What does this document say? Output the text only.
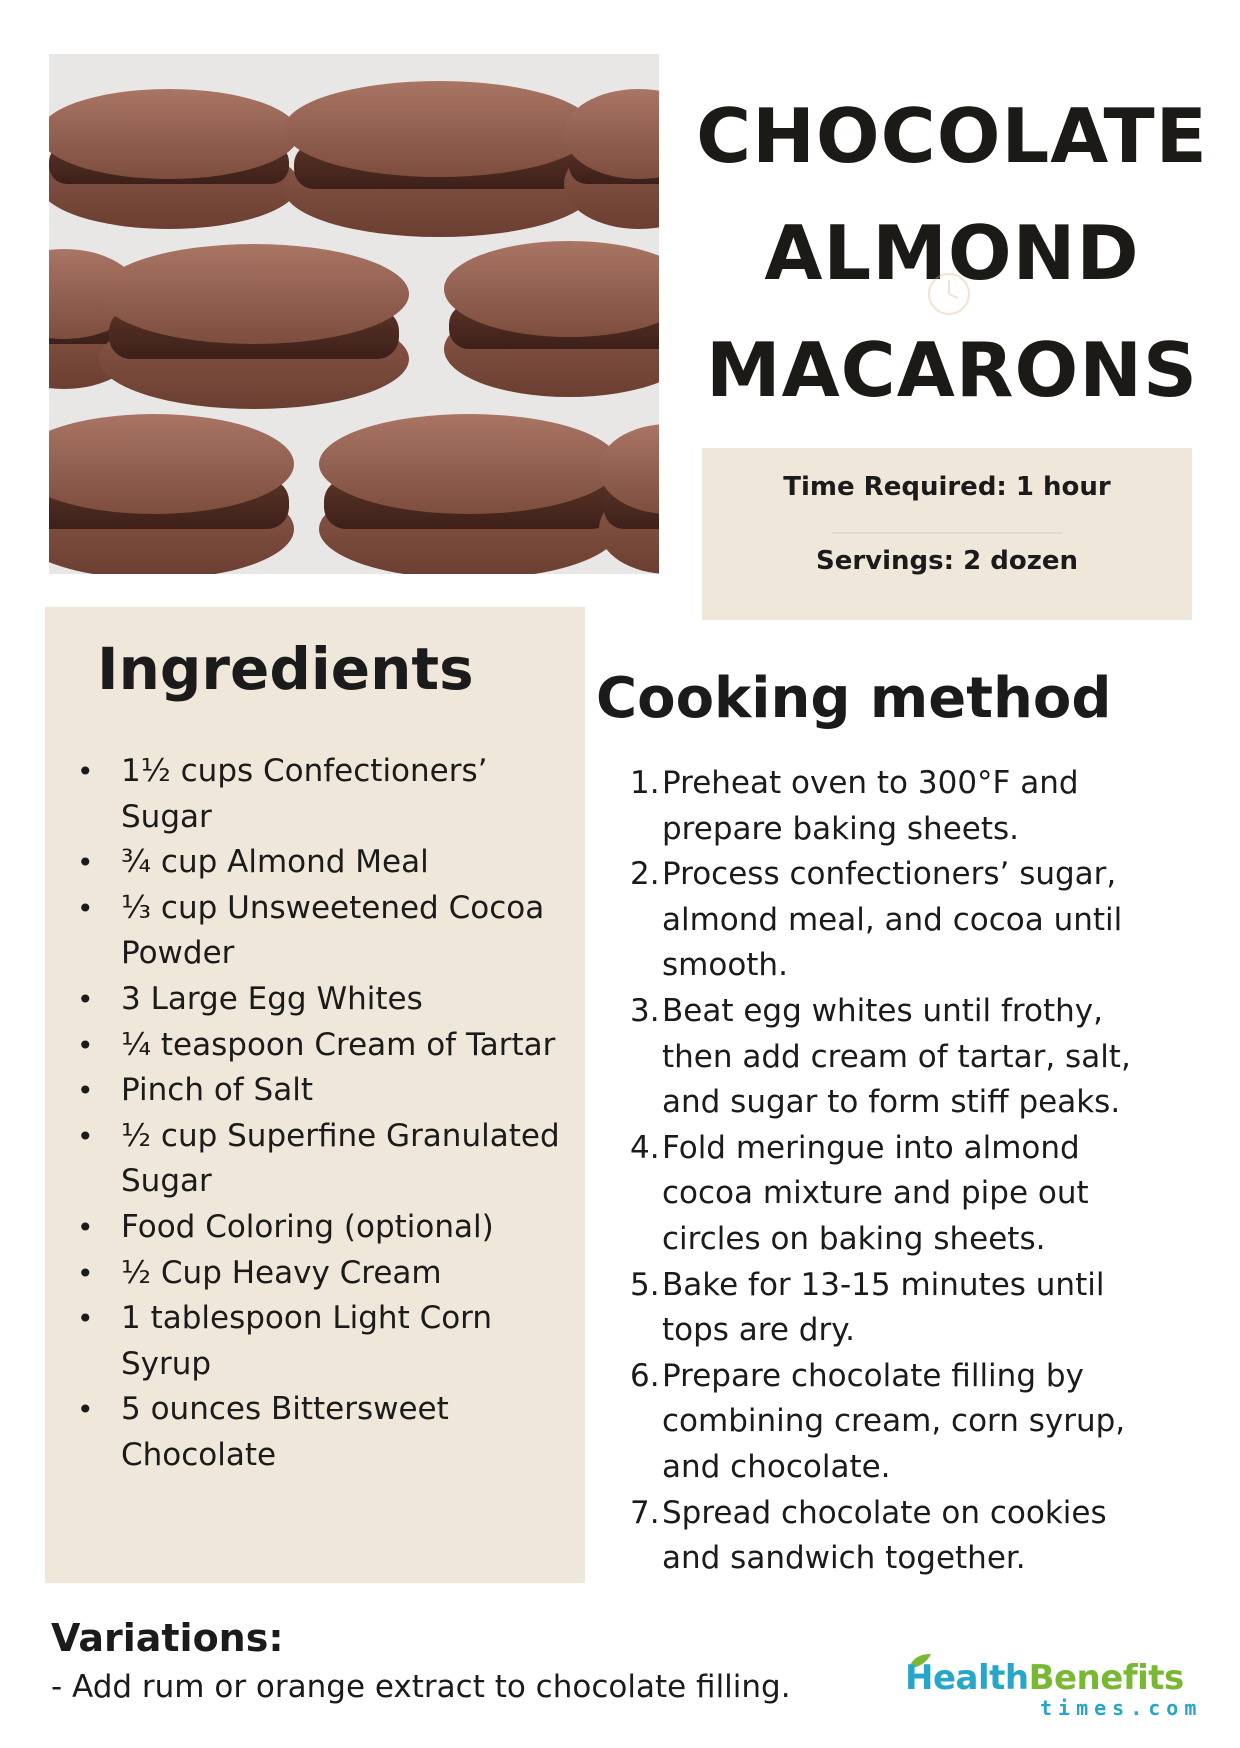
CHOCOLATE
ALMOND
MACARONS
Time Required: 1 hour
Servings: 2 dozen
Ingredients
• 1½ cups Confectioners’
Sugar
• ¾ cup Almond Meal
• ⅓ cup Unsweetened Cocoa
Powder
• 3 Large Egg Whites
• ¼ teaspoon Cream of Tartar
• Pinch of Salt
• ½ cup Superfine Granulated
Sugar
• Food Coloring (optional)
• ½ Cup Heavy Cream
• 1 tablespoon Light Corn
Syrup
• 5 ounces Bittersweet
Chocolate
Cooking method
1. Preheat oven to 300°F and
prepare baking sheets.
2. Process confectioners’ sugar,
almond meal, and cocoa until
smooth.
3. Beat egg whites until frothy,
then add cream of tartar, salt,
and sugar to form stiff peaks.
4. Fold meringue into almond
cocoa mixture and pipe out
circles on baking sheets.
5. Bake for 13-15 minutes until
tops are dry.
6. Prepare chocolate filling by
combining cream, corn syrup,
and chocolate.
7. Spread chocolate on cookies
and sandwich together.
Variations:
- Add rum or orange extract to chocolate filling.	HealthBenefits
times.com
